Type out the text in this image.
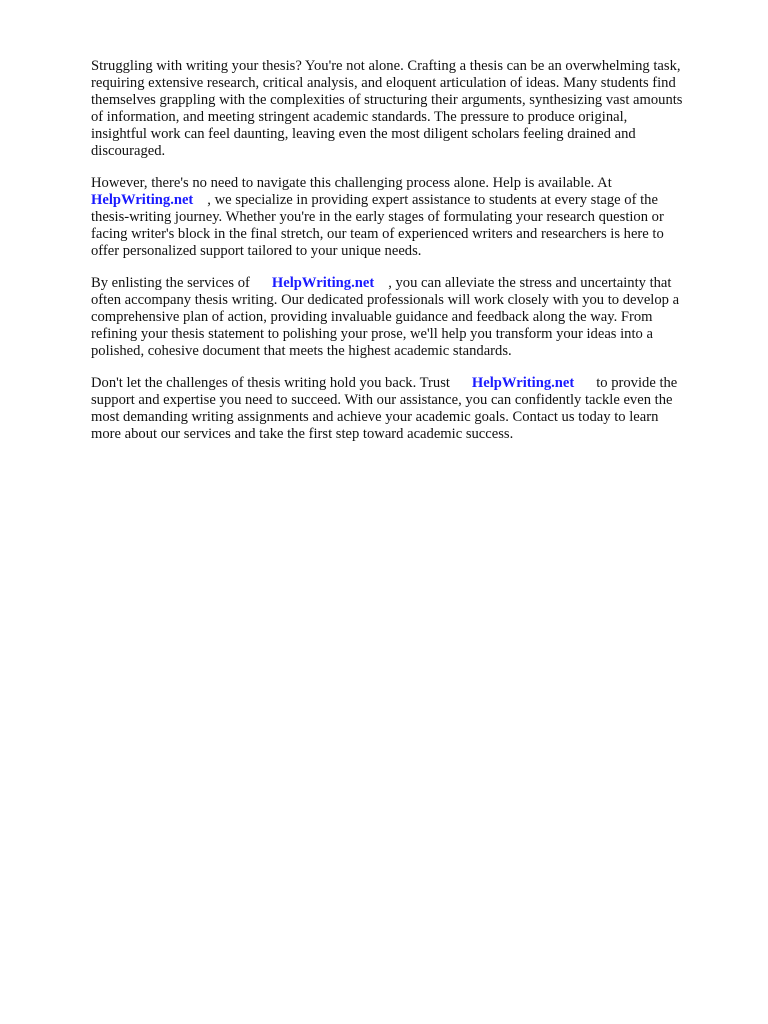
Struggling with writing your thesis? You're not alone. Crafting a thesis can be an overwhelming task,
requiring extensive research, critical analysis, and eloquent articulation of ideas. Many students find
themselves grappling with the complexities of structuring their arguments, synthesizing vast amounts
of information, and meeting stringent academic standards. The pressure to produce original,
insightful work can feel daunting, leaving even the most diligent scholars feeling drained and
discouraged.

However, there's no need to navigate this challenging process alone. Help is available. At
HelpWriting.net , we specialize in providing expert assistance to students at every stage of the
thesis-writing journey. Whether you're in the early stages of formulating your research question or
facing writer's block in the final stretch, our team of experienced writers and researchers is here to
offer personalized support tailored to your unique needs.

By enlisting the services of HelpWriting.net , you can alleviate the stress and uncertainty that
often accompany thesis writing. Our dedicated professionals will work closely with you to develop a
comprehensive plan of action, providing invaluable guidance and feedback along the way. From
refining your thesis statement to polishing your prose, we'll help you transform your ideas into a
polished, cohesive document that meets the highest academic standards.

Don't let the challenges of thesis writing hold you back. Trust HelpWriting.net to provide the
support and expertise you need to succeed. With our assistance, you can confidently tackle even the
most demanding writing assignments and achieve your academic goals. Contact us today to learn
more about our services and take the first step toward academic success.
